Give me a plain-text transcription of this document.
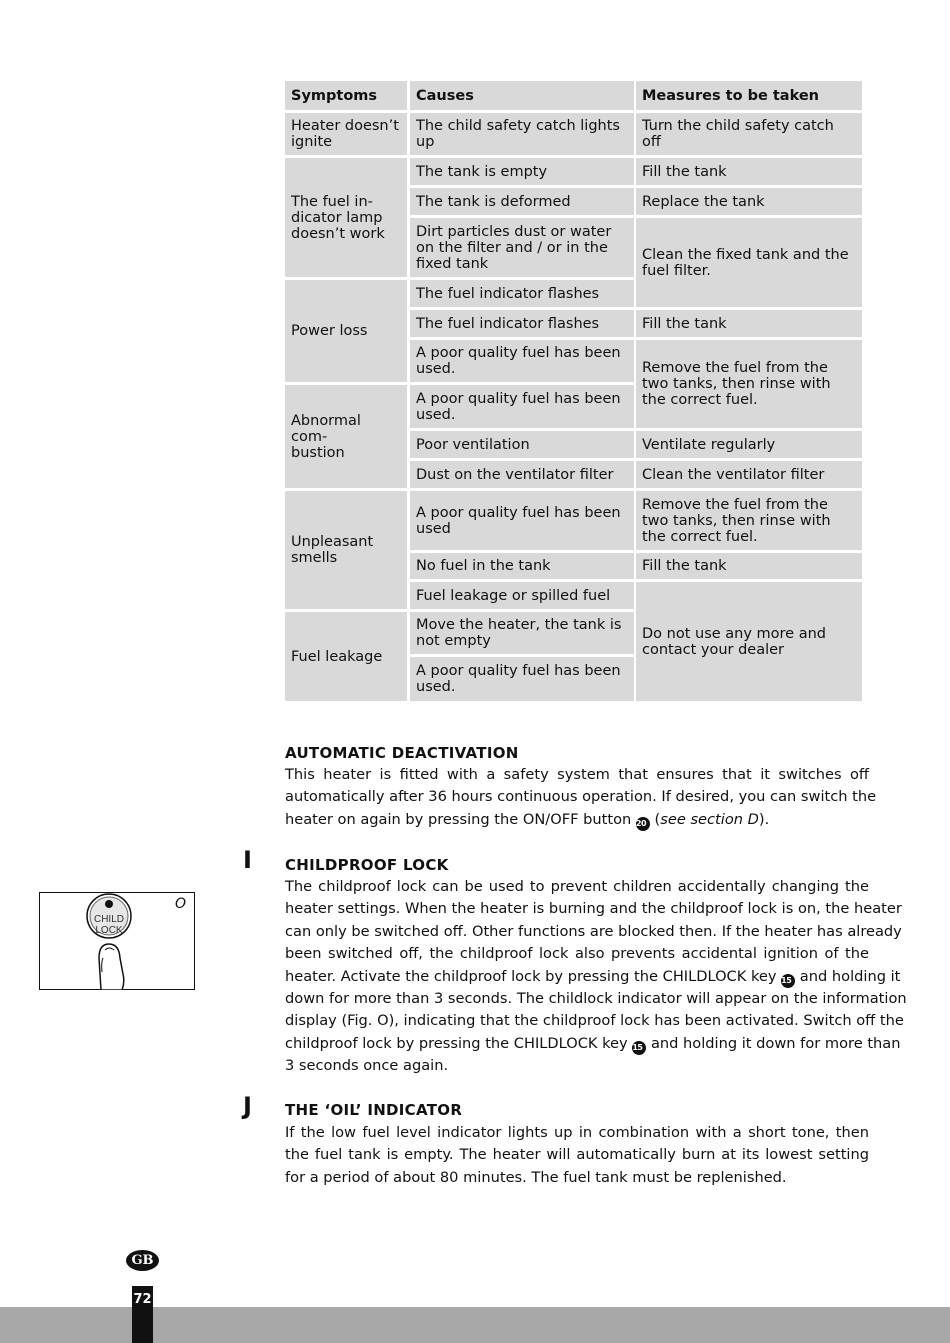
Symptoms	Causes	Measures to be taken
Heater doesn’t ignite
The fuel in-
dicator lamp
doesn’t work
Power loss
Abnormal com-
bustion
Unpleasant
smells
Fuel leakage
The child safety catch lights up
The tank is empty
The tank is deformed
Dirt particles dust or water on the filter and / or in the fixed tank
The fuel indicator flashes
The fuel indicator flashes
A poor quality fuel has been used.
A poor quality fuel has been used.
Poor ventilation
Dust on the ventilator filter
A poor quality fuel has been used
No fuel in the tank
Fuel leakage or spilled fuel
Move the heater, the tank is not empty
A poor quality fuel has been used.
Turn the child safety catch off
Fill the tank
Replace the tank
Clean the fixed tank and the fuel filter.
Fill the tank
Remove the fuel from the two tanks, then rinse with the correct fuel.
Ventilate regularly
Clean the ventilator filter
Remove the fuel from the two tanks, then rinse with the correct fuel.
Fill the tank
Do not use any more and contact your dealer
AUTOMATIC DEACTIVATION
This heater is fitted with a safety system that ensures that it switches off
automatically after 36 hours continuous operation. If desired, you can switch the
heater on again by pressing the ON/OFF button 20 (see section D).
I CHILDPROOF LOCK
The childproof lock can be used to prevent children accidentally changing the
heater settings. When the heater is burning and the childproof lock is on, the heater
can only be switched off. Other functions are blocked then. If the heater has already
been switched off, the childproof lock also prevents accidental ignition of the
heater. Activate the childproof lock by pressing the CHILDLOCK key 15 and holding it
down for more than 3 seconds. The childlock indicator will appear on the information
display (Fig. O), indicating that the childproof lock has been activated. Switch off the
childproof lock by pressing the CHILDLOCK key 15 and holding it down for more than
3 seconds once again.
O
CHILD
LOCK
J THE ‘OIL’ INDICATOR
If the low fuel level indicator lights up in combination with a short tone, then
the fuel tank is empty. The heater will automatically burn at its lowest setting
for a period of about 80 minutes. The fuel tank must be replenished.
GB
72
